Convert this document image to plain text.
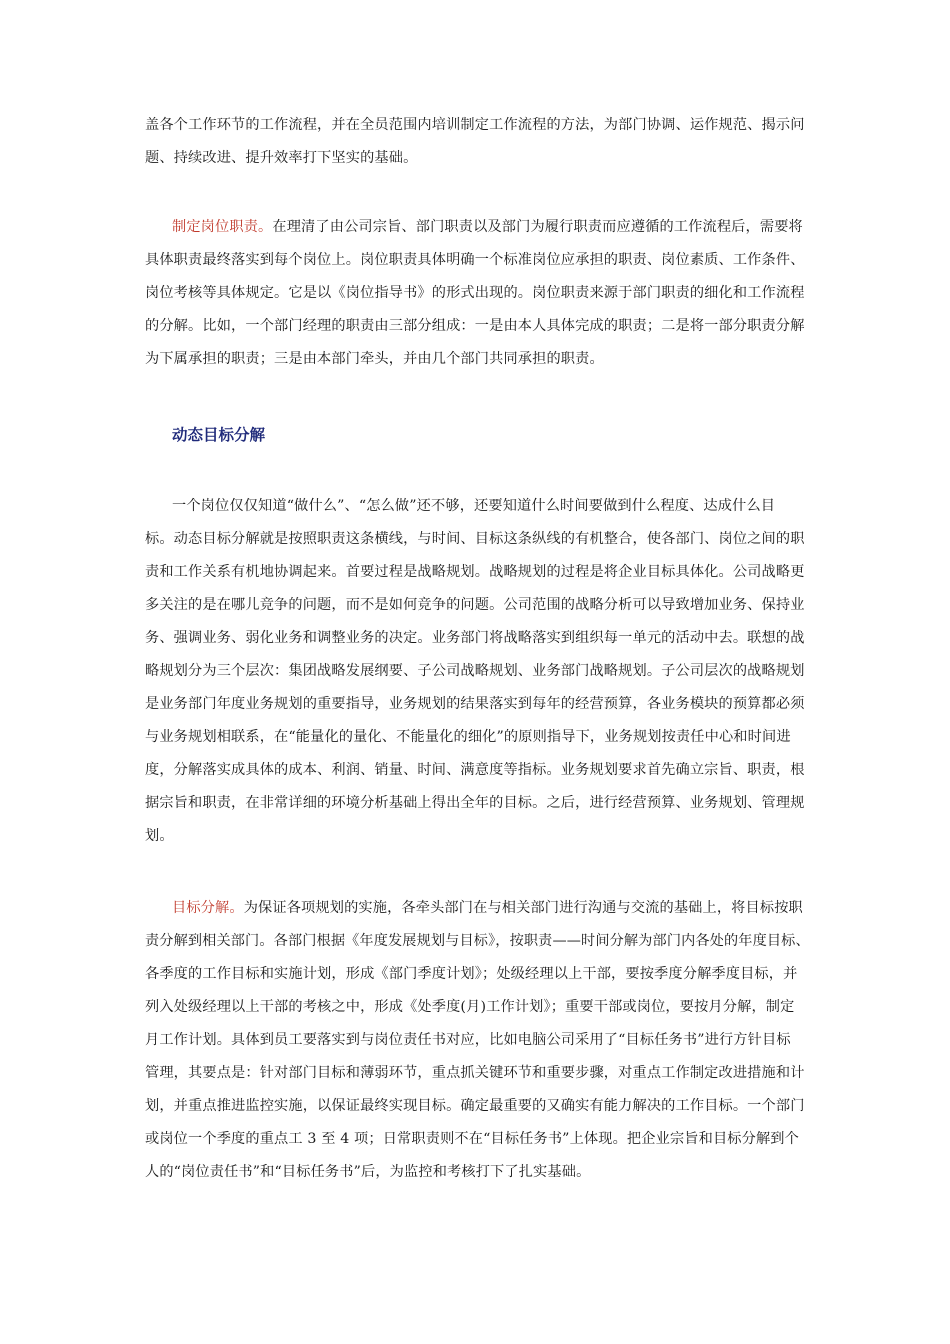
盖各个工作环节的工作流程，并在全员范围内培训制定工作流程的方法，为部门协调、运作规范、揭示问
题、持续改进、提升效率打下坚实的基础。
制定岗位职责。在理清了由公司宗旨、部门职责以及部门为履行职责而应遵循的工作流程后，需要将
具体职责最终落实到每个岗位上。岗位职责具体明确一个标准岗位应承担的职责、岗位素质、工作条件、
岗位考核等具体规定。它是以《岗位指导书》的形式出现的。岗位职责来源于部门职责的细化和工作流程
的分解。比如，一个部门经理的职责由三部分组成：一是由本人具体完成的职责；二是将一部分职责分解
为下属承担的职责；三是由本部门牵头，并由几个部门共同承担的职责。
动态目标分解
一个岗位仅仅知道“做什么”、“怎么做”还不够，还要知道什么时间要做到什么程度、达成什么目
标。动态目标分解就是按照职责这条横线，与时间、目标这条纵线的有机整合，使各部门、岗位之间的职
责和工作关系有机地协调起来。首要过程是战略规划。战略规划的过程是将企业目标具体化。公司战略更
多关注的是在哪儿竞争的问题，而不是如何竞争的问题。公司范围的战略分析可以导致增加业务、保持业
务、强调业务、弱化业务和调整业务的决定。业务部门将战略落实到组织每一单元的活动中去。联想的战
略规划分为三个层次：集团战略发展纲要、子公司战略规划、业务部门战略规划。子公司层次的战略规划
是业务部门年度业务规划的重要指导，业务规划的结果落实到每年的经营预算，各业务模块的预算都必须
与业务规划相联系，在“能量化的量化、不能量化的细化”的原则指导下，业务规划按责任中心和时间进
度，分解落实成具体的成本、利润、销量、时间、满意度等指标。业务规划要求首先确立宗旨、职责，根
据宗旨和职责，在非常详细的环境分析基础上得出全年的目标。之后，进行经营预算、业务规划、管理规
划。
目标分解。为保证各项规划的实施，各牵头部门在与相关部门进行沟通与交流的基础上，将目标按职
责分解到相关部门。各部门根据《年度发展规划与目标》，按职责——时间分解为部门内各处的年度目标、
各季度的工作目标和实施计划，形成《部门季度计划》；处级经理以上干部，要按季度分解季度目标，并
列入处级经理以上干部的考核之中，形成《处季度(月)工作计划》；重要干部或岗位，要按月分解，制定
月工作计划。具体到员工要落实到与岗位责任书对应，比如电脑公司采用了“目标任务书”进行方针目标
管理，其要点是：针对部门目标和薄弱环节，重点抓关键环节和重要步骤，对重点工作制定改进措施和计
划，并重点推进监控实施，以保证最终实现目标。确定最重要的又确实有能力解决的工作目标。一个部门
或岗位一个季度的重点工 3 至 4 项；日常职责则不在“目标任务书”上体现。把企业宗旨和目标分解到个
人的“岗位责任书”和“目标任务书”后，为监控和考核打下了扎实基础。
